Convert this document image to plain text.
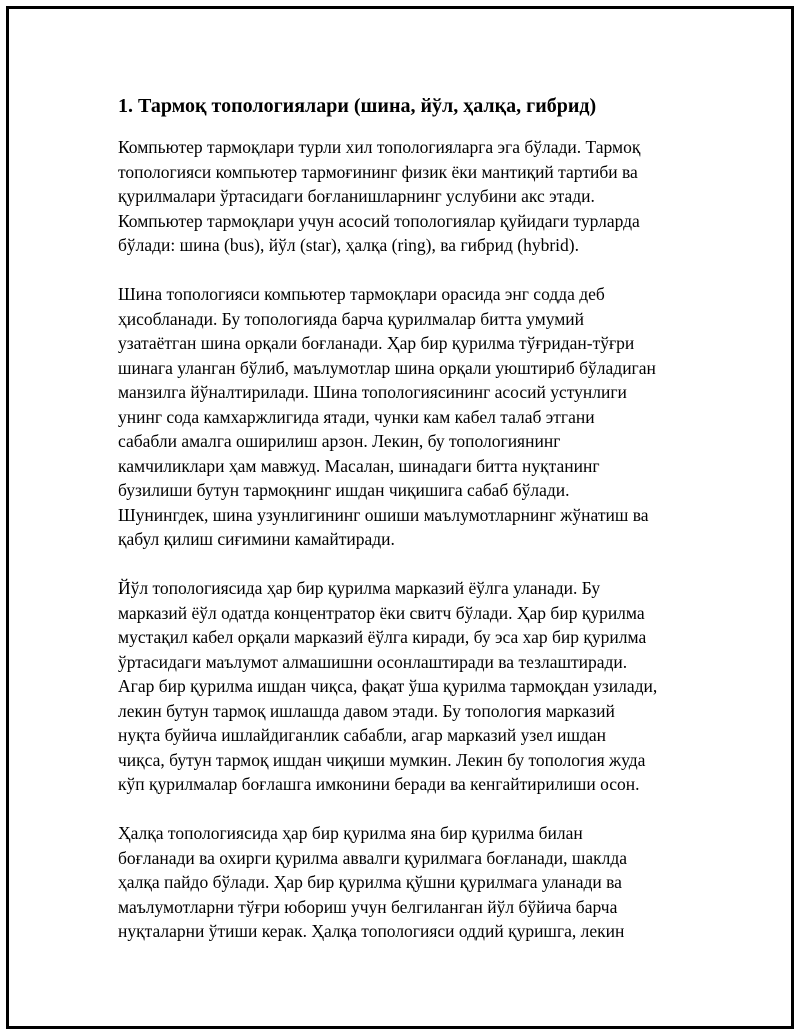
1. Тармоқ топологиялари (шина, йўл, ҳалқа, гибрид)

Компьютер тармоқлари турли хил топологияларга эга бўлади. Тармоқ
топологияси компьютер тармоғининг физик ёки мантиқий тартиби ва
қурилмалари ўртасидаги боғланишларнинг услубини акс этади.
Компьютер тармоқлари учун асосий топологиялар қуйидаги турларда
бўлади: шина (bus), йўл (star), ҳалқа (ring), ва гибрид (hybrid).

Шина топологияси компьютер тармоқлари орасида энг содда деб
ҳисобланади. Бу топологияда барча қурилмалар битта умумий
узатаётган шина орқали боғланади. Ҳар бир қурилма тўғридан-тўғри
шинага уланган бўлиб, маълумотлар шина орқали уюштириб бўладиган
манзилга йўналтирилади. Шина топологиясининг асосий устунлиги
унинг сода камхаржлигида ятади, чунки кам кабел талаб этгани
сабабли амалга оширилиш арзон. Лекин, бу топологиянинг
камчиликлари ҳам мавжуд. Масалан, шинадаги битта нуқтанинг
бузилиши бутун тармоқнинг ишдан чиқишига сабаб бўлади.
Шунингдек, шина узунлигининг ошиши маълумотларнинг жўнатиш ва
қабул қилиш сиғимини камайтиради.

Йўл топологиясида ҳар бир қурилма марказий ёўлга уланади. Бу
марказий ёўл одатда концентратор ёки свитч бўлади. Ҳар бир қурилма
мустақил кабел орқали марказий ёўлга киради, бу эса хар бир қурилма
ўртасидаги маълумот алмашишни осонлаштиради ва тезлаштиради.
Агар бир қурилма ишдан чиқса, фақат ўша қурилма тармоқдан узилади,
лекин бутун тармоқ ишлашда давом этади. Бу топология марказий
нуқта буйича ишлайдиганлик сабабли, агар марказий узел ишдан
чиқса, бутун тармоқ ишдан чиқиши мумкин. Лекин бу топология жуда
кўп қурилмалар боғлашга имконини беради ва кенгайтирилиши осон.

Ҳалқа топологиясида ҳар бир қурилма яна бир қурилма билан
боғланади ва охирги қурилма аввалги қурилмага боғланади, шаклда
ҳалқа пайдо бўлади. Ҳар бир қурилма қўшни қурилмага уланади ва
маълумотларни тўғри юбориш учун белгиланган йўл бўйича барча
нуқталарни ўтиши керак. Ҳалқа топологияси оддий қуришга, лекин
